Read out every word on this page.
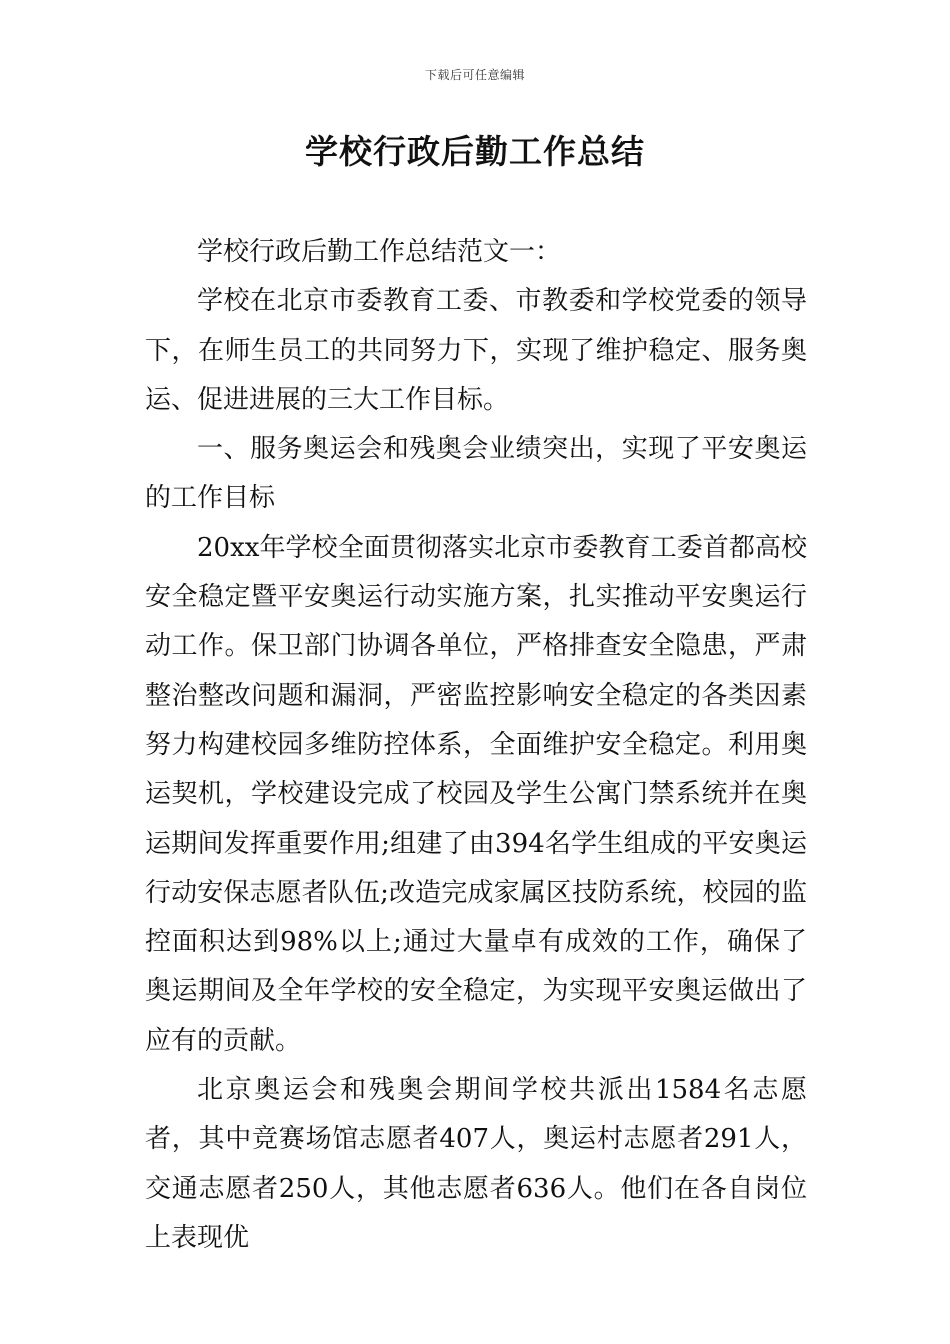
下载后可任意编辑
学校行政后勤工作总结

学校行政后勤工作总结范文一：

学校在北京市委教育工委、市教委和学校党委的领导下，在师生员工的共同努力下，实现了维护稳定、服务奥运、促进进展的三大工作目标。

一、服务奥运会和残奥会业绩突出，实现了平安奥运的工作目标

20xx年学校全面贯彻落实北京市委教育工委首都高校安全稳定暨平安奥运行动实施方案，扎实推动平安奥运行动工作。保卫部门协调各单位，严格排查安全隐患，严肃整治整改问题和漏洞，严密监控影响安全稳定的各类因素努力构建校园多维防控体系，全面维护安全稳定。利用奥运契机，学校建设完成了校园及学生公寓门禁系统并在奥运期间发挥重要作用;组建了由394名学生组成的平安奥运行动安保志愿者队伍;改造完成家属区技防系统，校园的监控面积达到98%以上;通过大量卓有成效的工作，确保了奥运期间及全年学校的安全稳定，为实现平安奥运做出了应有的贡献。

北京奥运会和残奥会期间学校共派出1584名志愿者，其中竞赛场馆志愿者407人，奥运村志愿者291人，交通志愿者250人，其他志愿者636人。他们在各自岗位上表现优
